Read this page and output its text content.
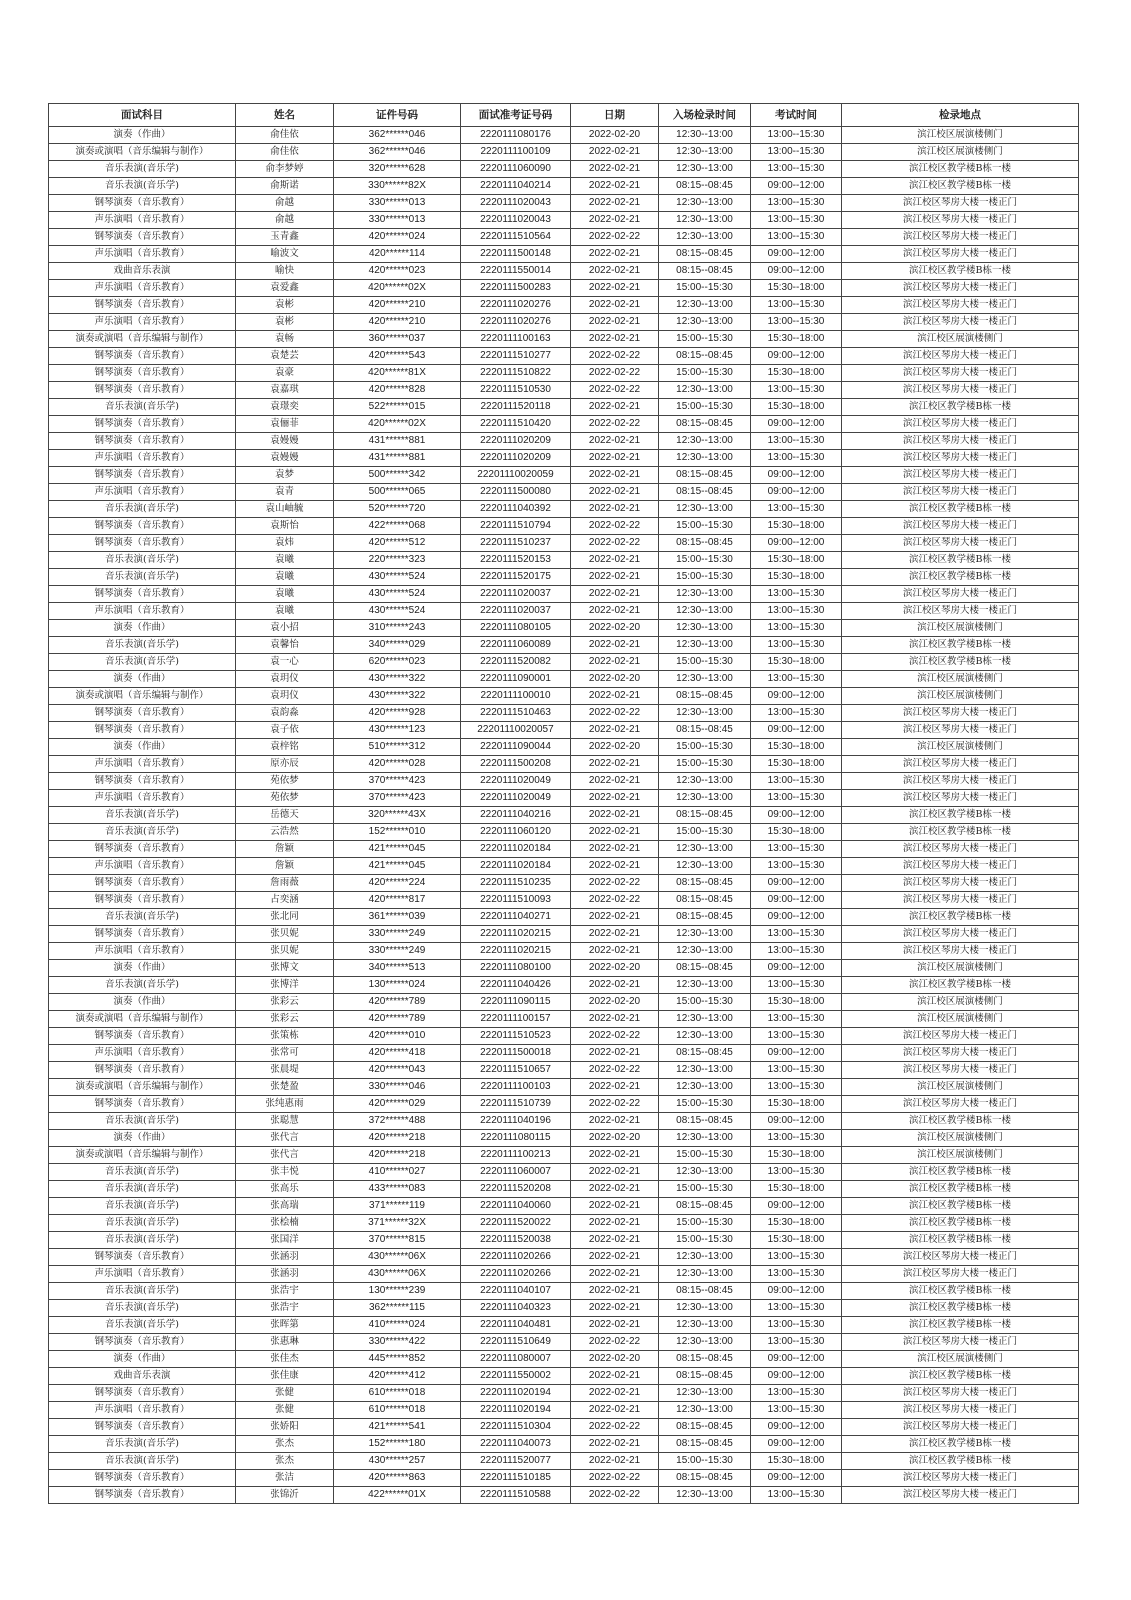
面试科目	姓名	证件号码	面试准考证号码	日期	入场检录时间	考试时间	检录地点
演奏（作曲）	俞佳依	362******046	2220111080176	2022-02-20	12:30--13:00	13:00--15:30	滨江校区展演楼侧门
演奏或演唱（音乐编辑与制作）	俞佳依	362******046	2220111100109	2022-02-21	12:30--13:00	13:00--15:30	滨江校区展演楼侧门
音乐表演(音乐学)	俞李梦婷	320******628	2220111060090	2022-02-21	12:30--13:00	13:00--15:30	滨江校区教学楼B栋一楼
音乐表演(音乐学)	俞斯诺	330******82X	2220111040214	2022-02-21	08:15--08:45	09:00--12:00	滨江校区教学楼B栋一楼
钢琴演奏（音乐教育）	俞越	330******013	2220111020043	2022-02-21	12:30--13:00	13:00--15:30	滨江校区琴房大楼一楼正门
声乐演唱（音乐教育）	俞越	330******013	2220111020043	2022-02-21	12:30--13:00	13:00--15:30	滨江校区琴房大楼一楼正门
钢琴演奏（音乐教育）	玉青鑫	420******024	2220111510564	2022-02-22	12:30--13:00	13:00--15:30	滨江校区琴房大楼一楼正门
声乐演唱（音乐教育）	喻波文	420******114	2220111500148	2022-02-21	08:15--08:45	09:00--12:00	滨江校区琴房大楼一楼正门
戏曲音乐表演	喻快	420******023	2220111550014	2022-02-21	08:15--08:45	09:00--12:00	滨江校区教学楼B栋一楼
声乐演唱（音乐教育）	袁爱鑫	420******02X	2220111500283	2022-02-21	15:00--15:30	15:30--18:00	滨江校区琴房大楼一楼正门
钢琴演奏（音乐教育）	袁彬	420******210	2220111020276	2022-02-21	12:30--13:00	13:00--15:30	滨江校区琴房大楼一楼正门
声乐演唱（音乐教育）	袁彬	420******210	2220111020276	2022-02-21	12:30--13:00	13:00--15:30	滨江校区琴房大楼一楼正门
演奏或演唱（音乐编辑与制作）	袁畅	360******037	2220111100163	2022-02-21	15:00--15:30	15:30--18:00	滨江校区展演楼侧门
钢琴演奏（音乐教育）	袁楚芸	420******543	2220111510277	2022-02-22	08:15--08:45	09:00--12:00	滨江校区琴房大楼一楼正门
钢琴演奏（音乐教育）	袁豪	420******81X	2220111510822	2022-02-22	15:00--15:30	15:30--18:00	滨江校区琴房大楼一楼正门
钢琴演奏（音乐教育）	袁嘉琪	420******828	2220111510530	2022-02-22	12:30--13:00	13:00--15:30	滨江校区琴房大楼一楼正门
音乐表演(音乐学)	袁璟奕	522******015	2220111520118	2022-02-21	15:00--15:30	15:30--18:00	滨江校区教学楼B栋一楼
钢琴演奏（音乐教育）	袁俪菲	420******02X	2220111510420	2022-02-22	08:15--08:45	09:00--12:00	滨江校区琴房大楼一楼正门
钢琴演奏（音乐教育）	袁嫚嫚	431******881	2220111020209	2022-02-21	12:30--13:00	13:00--15:30	滨江校区琴房大楼一楼正门
声乐演唱（音乐教育）	袁嫚嫚	431******881	2220111020209	2022-02-21	12:30--13:00	13:00--15:30	滨江校区琴房大楼一楼正门
钢琴演奏（音乐教育）	袁梦	500******342	22201110020059	2022-02-21	08:15--08:45	09:00--12:00	滨江校区琴房大楼一楼正门
声乐演唱（音乐教育）	袁青	500******065	2220111500080	2022-02-21	08:15--08:45	09:00--12:00	滨江校区琴房大楼一楼正门
音乐表演(音乐学)	袁山岫毓	520******720	2220111040392	2022-02-21	12:30--13:00	13:00--15:30	滨江校区教学楼B栋一楼
钢琴演奏（音乐教育）	袁斯怡	422******068	2220111510794	2022-02-22	15:00--15:30	15:30--18:00	滨江校区琴房大楼一楼正门
钢琴演奏（音乐教育）	袁炜	420******512	2220111510237	2022-02-22	08:15--08:45	09:00--12:00	滨江校区琴房大楼一楼正门
音乐表演(音乐学)	袁曦	220******323	2220111520153	2022-02-21	15:00--15:30	15:30--18:00	滨江校区教学楼B栋一楼
音乐表演(音乐学)	袁曦	430******524	2220111520175	2022-02-21	15:00--15:30	15:30--18:00	滨江校区教学楼B栋一楼
钢琴演奏（音乐教育）	袁曦	430******524	2220111020037	2022-02-21	12:30--13:00	13:00--15:30	滨江校区琴房大楼一楼正门
声乐演唱（音乐教育）	袁曦	430******524	2220111020037	2022-02-21	12:30--13:00	13:00--15:30	滨江校区琴房大楼一楼正门
演奏（作曲）	袁小招	310******243	2220111080105	2022-02-20	12:30--13:00	13:00--15:30	滨江校区展演楼侧门
音乐表演(音乐学)	袁馨怡	340******029	2220111060089	2022-02-21	12:30--13:00	13:00--15:30	滨江校区教学楼B栋一楼
音乐表演(音乐学)	袁一心	620******023	2220111520082	2022-02-21	15:00--15:30	15:30--18:00	滨江校区教学楼B栋一楼
演奏（作曲）	袁玥仪	430******322	2220111090001	2022-02-20	12:30--13:00	13:00--15:30	滨江校区展演楼侧门
演奏或演唱（音乐编辑与制作）	袁玥仪	430******322	2220111100010	2022-02-21	08:15--08:45	09:00--12:00	滨江校区展演楼侧门
钢琴演奏（音乐教育）	袁韵淼	420******928	2220111510463	2022-02-22	12:30--13:00	13:00--15:30	滨江校区琴房大楼一楼正门
钢琴演奏（音乐教育）	袁子依	430******123	22201110020057	2022-02-21	08:15--08:45	09:00--12:00	滨江校区琴房大楼一楼正门
演奏（作曲）	袁梓铭	510******312	2220111090044	2022-02-20	15:00--15:30	15:30--18:00	滨江校区展演楼侧门
声乐演唱（音乐教育）	原亦辰	420******028	2220111500208	2022-02-21	15:00--15:30	15:30--18:00	滨江校区琴房大楼一楼正门
钢琴演奏（音乐教育）	苑依梦	370******423	2220111020049	2022-02-21	12:30--13:00	13:00--15:30	滨江校区琴房大楼一楼正门
声乐演唱（音乐教育）	苑依梦	370******423	2220111020049	2022-02-21	12:30--13:00	13:00--15:30	滨江校区琴房大楼一楼正门
音乐表演(音乐学)	岳德天	320******43X	2220111040216	2022-02-21	08:15--08:45	09:00--12:00	滨江校区教学楼B栋一楼
音乐表演(音乐学)	云浩然	152******010	2220111060120	2022-02-21	15:00--15:30	15:30--18:00	滨江校区教学楼B栋一楼
钢琴演奏（音乐教育）	詹颖	421******045	2220111020184	2022-02-21	12:30--13:00	13:00--15:30	滨江校区琴房大楼一楼正门
声乐演唱（音乐教育）	詹颖	421******045	2220111020184	2022-02-21	12:30--13:00	13:00--15:30	滨江校区琴房大楼一楼正门
钢琴演奏（音乐教育）	詹雨薇	420******224	2220111510235	2022-02-22	08:15--08:45	09:00--12:00	滨江校区琴房大楼一楼正门
钢琴演奏（音乐教育）	占奕涵	420******817	2220111510093	2022-02-22	08:15--08:45	09:00--12:00	滨江校区琴房大楼一楼正门
音乐表演(音乐学)	张北同	361******039	2220111040271	2022-02-21	08:15--08:45	09:00--12:00	滨江校区教学楼B栋一楼
钢琴演奏（音乐教育）	张贝妮	330******249	2220111020215	2022-02-21	12:30--13:00	13:00--15:30	滨江校区琴房大楼一楼正门
声乐演唱（音乐教育）	张贝妮	330******249	2220111020215	2022-02-21	12:30--13:00	13:00--15:30	滨江校区琴房大楼一楼正门
演奏（作曲）	张博文	340******513	2220111080100	2022-02-20	08:15--08:45	09:00--12:00	滨江校区展演楼侧门
音乐表演(音乐学)	张博洋	130******024	2220111040426	2022-02-21	12:30--13:00	13:00--15:30	滨江校区教学楼B栋一楼
演奏（作曲）	张彩云	420******789	2220111090115	2022-02-20	15:00--15:30	15:30--18:00	滨江校区展演楼侧门
演奏或演唱（音乐编辑与制作）	张彩云	420******789	2220111100157	2022-02-21	12:30--13:00	13:00--15:30	滨江校区展演楼侧门
钢琴演奏（音乐教育）	张策栋	420******010	2220111510523	2022-02-22	12:30--13:00	13:00--15:30	滨江校区琴房大楼一楼正门
声乐演唱（音乐教育）	张常可	420******418	2220111500018	2022-02-21	08:15--08:45	09:00--12:00	滨江校区琴房大楼一楼正门
钢琴演奏（音乐教育）	张晨堤	420******043	2220111510657	2022-02-22	12:30--13:00	13:00--15:30	滨江校区琴房大楼一楼正门
演奏或演唱（音乐编辑与制作）	张楚盈	330******046	2220111100103	2022-02-21	12:30--13:00	13:00--15:30	滨江校区展演楼侧门
钢琴演奏（音乐教育）	张纯惠雨	420******029	2220111510739	2022-02-22	15:00--15:30	15:30--18:00	滨江校区琴房大楼一楼正门
音乐表演(音乐学)	张聪慧	372******488	2220111040196	2022-02-21	08:15--08:45	09:00--12:00	滨江校区教学楼B栋一楼
演奏（作曲）	张代言	420******218	2220111080115	2022-02-20	12:30--13:00	13:00--15:30	滨江校区展演楼侧门
演奏或演唱（音乐编辑与制作）	张代言	420******218	2220111100213	2022-02-21	15:00--15:30	15:30--18:00	滨江校区展演楼侧门
音乐表演(音乐学)	张丰悦	410******027	2220111060007	2022-02-21	12:30--13:00	13:00--15:30	滨江校区教学楼B栋一楼
音乐表演(音乐学)	张高乐	433******083	2220111520208	2022-02-21	15:00--15:30	15:30--18:00	滨江校区教学楼B栋一楼
音乐表演(音乐学)	张高瑞	371******119	2220111040060	2022-02-21	08:15--08:45	09:00--12:00	滨江校区教学楼B栋一楼
音乐表演(音乐学)	张桧楠	371******32X	2220111520022	2022-02-21	15:00--15:30	15:30--18:00	滨江校区教学楼B栋一楼
音乐表演(音乐学)	张国洋	370******815	2220111520038	2022-02-21	15:00--15:30	15:30--18:00	滨江校区教学楼B栋一楼
钢琴演奏（音乐教育）	张涵羽	430******06X	2220111020266	2022-02-21	12:30--13:00	13:00--15:30	滨江校区琴房大楼一楼正门
声乐演唱（音乐教育）	张涵羽	430******06X	2220111020266	2022-02-21	12:30--13:00	13:00--15:30	滨江校区琴房大楼一楼正门
音乐表演(音乐学)	张浩宇	130******239	2220111040107	2022-02-21	08:15--08:45	09:00--12:00	滨江校区教学楼B栋一楼
音乐表演(音乐学)	张浩宇	362******115	2220111040323	2022-02-21	12:30--13:00	13:00--15:30	滨江校区教学楼B栋一楼
音乐表演(音乐学)	张晖第	410******024	2220111040481	2022-02-21	12:30--13:00	13:00--15:30	滨江校区教学楼B栋一楼
钢琴演奏（音乐教育）	张惠琳	330******422	2220111510649	2022-02-22	12:30--13:00	13:00--15:30	滨江校区琴房大楼一楼正门
演奏（作曲）	张佳杰	445******852	2220111080007	2022-02-20	08:15--08:45	09:00--12:00	滨江校区展演楼侧门
戏曲音乐表演	张佳康	420******412	2220111550002	2022-02-21	08:15--08:45	09:00--12:00	滨江校区教学楼B栋一楼
钢琴演奏（音乐教育）	张健	610******018	2220111020194	2022-02-21	12:30--13:00	13:00--15:30	滨江校区琴房大楼一楼正门
声乐演唱（音乐教育）	张健	610******018	2220111020194	2022-02-21	12:30--13:00	13:00--15:30	滨江校区琴房大楼一楼正门
钢琴演奏（音乐教育）	张娇阳	421******541	2220111510304	2022-02-22	08:15--08:45	09:00--12:00	滨江校区琴房大楼一楼正门
音乐表演(音乐学)	张杰	152******180	2220111040073	2022-02-21	08:15--08:45	09:00--12:00	滨江校区教学楼B栋一楼
音乐表演(音乐学)	张杰	430******257	2220111520077	2022-02-21	15:00--15:30	15:30--18:00	滨江校区教学楼B栋一楼
钢琴演奏（音乐教育）	张洁	420******863	2220111510185	2022-02-22	08:15--08:45	09:00--12:00	滨江校区琴房大楼一楼正门
钢琴演奏（音乐教育）	张锦沂	422******01X	2220111510588	2022-02-22	12:30--13:00	13:00--15:30	滨江校区琴房大楼一楼正门
